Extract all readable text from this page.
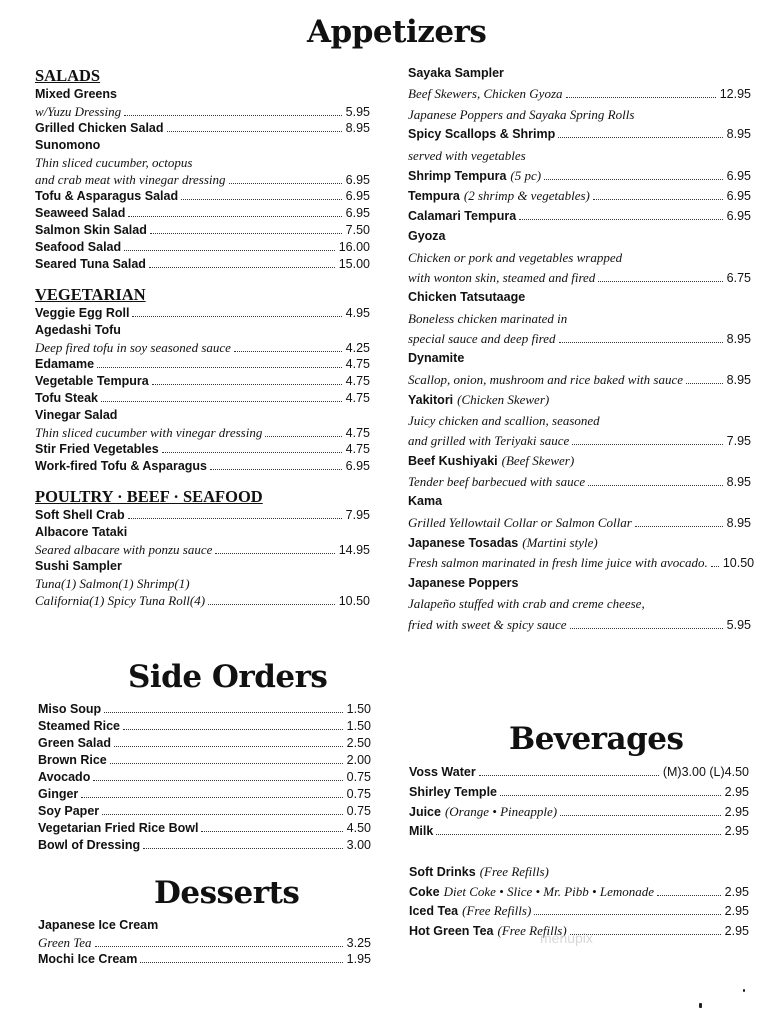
Appetizers
Side Orders
Desserts
Beverages
SALADS
Mixed Greens
w/Yuzu Dressing	5.95
Grilled Chicken Salad	8.95
Sunomono
Thin sliced cucumber, octopus
and crab meat with vinegar dressing	6.95
Tofu & Asparagus Salad	6.95
Seaweed Salad	6.95
Salmon Skin Salad	7.50
Seafood Salad	16.00
Seared Tuna Salad	15.00
VEGETARIAN
Veggie Egg Roll	4.95
Agedashi Tofu
Deep fired tofu in soy seasoned sauce	4.25
Edamame	4.75
Vegetable Tempura	4.75
Tofu Steak	4.75
Vinegar Salad
Thin sliced cucumber with vinegar dressing	4.75
Stir Fried Vegetables	4.75
Work-fired Tofu & Asparagus	6.95
POULTRY · BEEF · SEAFOOD
Soft Shell Crab	7.95
Albacore Tataki
Seared albacare with ponzu sauce	14.95
Sushi Sampler
Tuna(1) Salmon(1) Shrimp(1)
California(1) Spicy Tuna Roll(4)	10.50
Sayaka Sampler
Beef Skewers, Chicken Gyoza	12.95
Japanese Poppers and Sayaka Spring Rolls
Spicy Scallops & Shrimp	8.95
served with vegetables
Shrimp Tempura (5 pc)	6.95
Tempura (2 shrimp & vegetables)	6.95
Calamari Tempura	6.95
Gyoza
Chicken or pork and vegetables wrapped
with wonton skin, steamed and fired	6.75
Chicken Tatsutaage
Boneless chicken marinated in
special sauce and deep fired	8.95
Dynamite
Scallop, onion, mushroom and rice baked with sauce	8.95
Yakitori (Chicken Skewer)
Juicy chicken and scallion, seasoned
and grilled with Teriyaki sauce	7.95
Beef Kushiyaki (Beef Skewer)
Tender beef barbecued with sauce	8.95
Kama
Grilled Yellowtail Collar or Salmon Collar	8.95
Japanese Tosadas (Martini style)
Fresh salmon marinated in fresh lime juice with avocado. 10.50
Japanese Poppers
Jalapeño stuffed with crab and creme cheese,
fried with sweet & spicy sauce	5.95
Miso Soup	1.50
Steamed Rice	1.50
Green Salad	2.50
Brown Rice	2.00
Avocado	0.75
Ginger	0.75
Soy Paper	0.75
Vegetarian Fried Rice Bowl	4.50
Bowl of Dressing	3.00
Japanese Ice Cream
Green Tea	3.25
Mochi Ice Cream	1.95
Voss Water	(M)3.00 (L)4.50
Shirley Temple	2.95
Juice (Orange • Pineapple)	2.95
Milk	2.95
Soft Drinks (Free Refills)
Coke Diet Coke • Slice • Mr. Pibb • Lemonade	2.95
Iced Tea (Free Refills)	2.95
Hot Green Tea (Free Refills)	2.95
menupix
